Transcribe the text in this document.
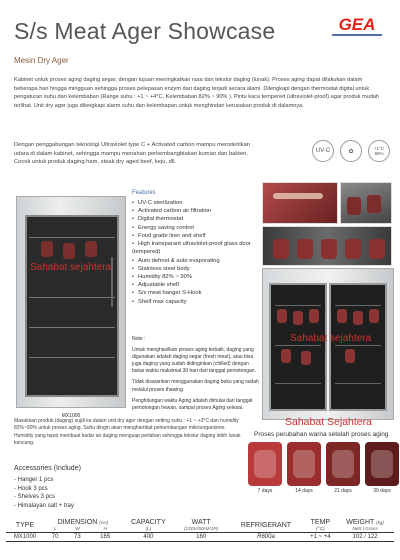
S/s Meat Ager Showcase
Mesin Dry Ager
GEA

Kabinet untuk proses aging daging segar, dengan tujuan meningkatkan rasa dan tekstur daging (lunak). Proses aging dapat dilakukan dalam beberapa hari hingga mingguan sehingga proses pelepasan enzym dari daging terjadi secara alami. Dilengkapi dengan thermostat digital untuk pengaturan suhu dan kelembaban (Range suhu : +1 ~ +4°C, Kelembaban 82% ~ 90% ). Pintu kaca tempered (ultraviolet-proof) agar produk mudah terlihat. Unit dry ager juga dilengkapi alarm suhu dan kelembapan untuk menghindari kerusakan produk di dalamnya.

Dengan penggabungan teknologi Ultraviolet type C + Activated carbon mampu mensterilkan udara di dalam kabinet, sehingga mampu menahan perkembangbiakan kuman dan bakteri. Cocok untuk produk daging ham, steak dry aged beef, keju, dll.
UV-C	✿	+1°C 85%
MX1000
Sahabat sejahtera
Features
• UV-C sterilization
• Activated carbon air filtration
• Digital thermostat
• Energy saving control
• Food grade liner and shelf
• High transparant ultraviolet-proof glass door (tempered)
• Auto defrost & auto evaporating
• Stainless steel body
• Humidity 82% ~ 90%
• Adjustable shelf
• S/s meat hanger S-Hook
• Shelf max capacity
Sahabat sejahtera

Note :

Untuk menghasilkan proses aging terbaik, daging yang digunakan adalah daging segar (fresh meat), atau bisa juga daging yang sudah didinginkan (chilled) dengan batas waktu maksimal 30 hari dari tanggal pemotongan.

Tidak disarankan menggunakan daging beku yang sudah melalui proses thawing.

Penghitungan waktu Aging adalah dimulai dari tanggal pemotongan hewan, sampai proses Aging selesai.

Sahabat Sejahtera
Masukkan produk (daging) sujdi ke dalam unit dry ager dengan setting suhu : +1 ~ +3°C dan humidity 82%~90% untuk proses aging. Suhu dingin akan menghambat perkembangan mikroorganisme. Humidity yang tepat membuat kadar air daging menguap perlahan sehingga tekstur daging lebih lunak kencang.
Accessories (Include)
- Hanger 1 pcs
- Hook 3 pcs
- Shelves 3 pcs
- Himalayan salt + tray
Proses perubahan warna setelah proses aging
7 days	14 days	21 days	30 days
TYPE	DIMENSION (cm)			CAPACITY	WATT	REFRIGERANT	TEMP	WEIGHT (kg)
	L	W	H	(L)	(220V/50Hz/1P)		(°C)	Nett | Gross
MX1000	70	73	165	400	160	R600a	+1 ~ +4	102 / 122
